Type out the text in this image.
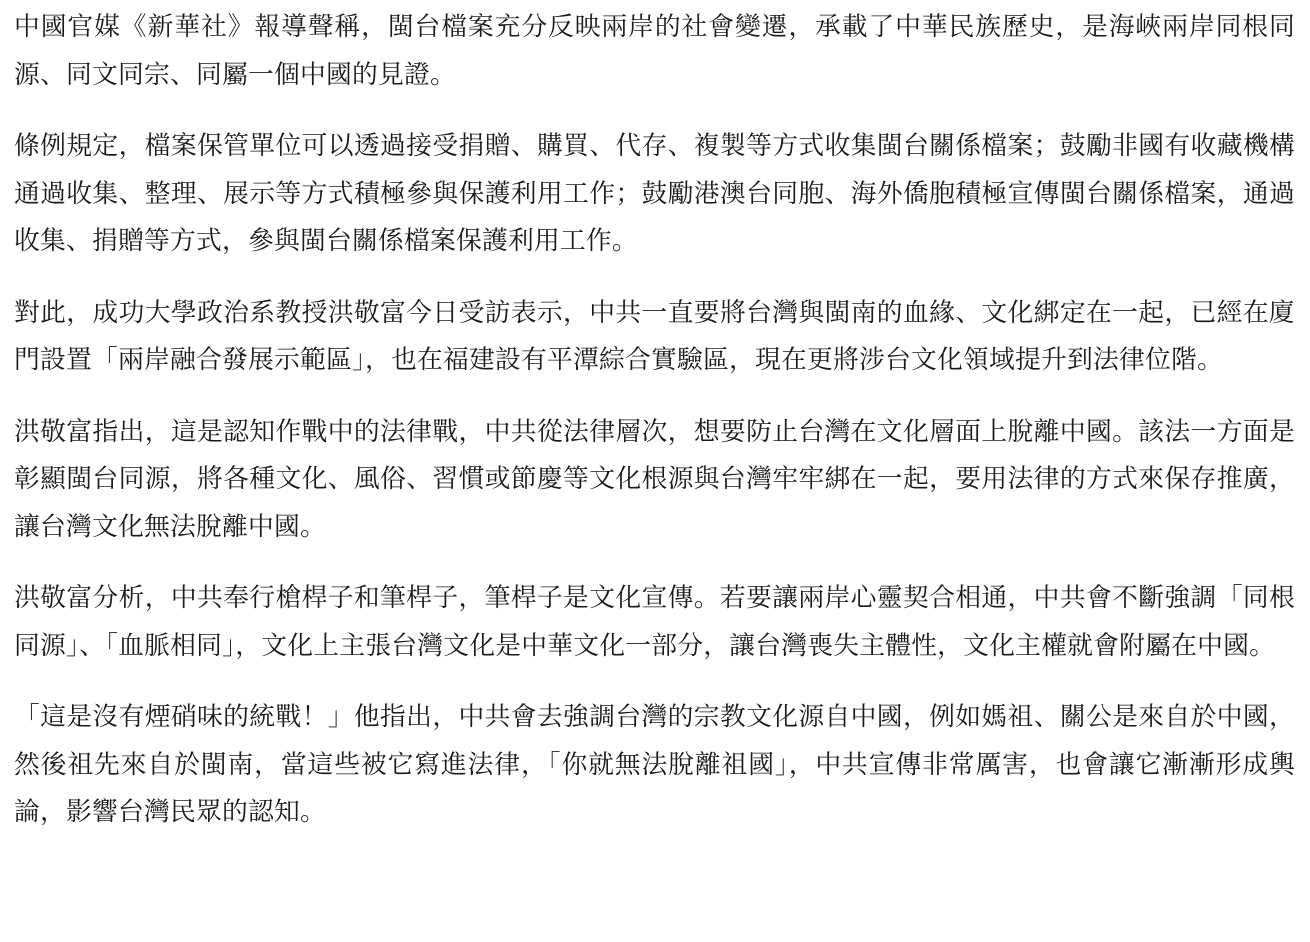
中國官媒《新華社》報導聲稱，閩台檔案充分反映兩岸的社會變遷，承載了中華民族歷史，是海峽兩岸同根同源、同文同宗、同屬一個中國的見證。

條例規定，檔案保管單位可以透過接受捐贈、購買、代存、複製等方式收集閩台關係檔案；鼓勵非國有收藏機構通過收集、整理、展示等方式積極參與保護利用工作；鼓勵港澳台同胞、海外僑胞積極宣傳閩台關係檔案，通過收集、捐贈等方式，參與閩台關係檔案保護利用工作。

對此，成功大學政治系教授洪敬富今日受訪表示，中共一直要將台灣與閩南的血緣、文化綁定在一起，已經在廈門設置「兩岸融合發展示範區」，也在福建設有平潭綜合實驗區，現在更將涉台文化領域提升到法律位階。

洪敬富指出，這是認知作戰中的法律戰，中共從法律層次，想要防止台灣在文化層面上脫離中國。該法一方面是彰顯閩台同源，將各種文化、風俗、習慣或節慶等文化根源與台灣牢牢綁在一起，要用法律的方式來保存推廣，讓台灣文化無法脫離中國。

洪敬富分析，中共奉行槍桿子和筆桿子，筆桿子是文化宣傳。若要讓兩岸心靈契合相通，中共會不斷強調「同根同源」、「血脈相同」，文化上主張台灣文化是中華文化一部分，讓台灣喪失主體性，文化主權就會附屬在中國。

「這是沒有煙硝味的統戰！」他指出，中共會去強調台灣的宗教文化源自中國，例如媽祖、關公是來自於中國，然後祖先來自於閩南，當這些被它寫進法律，「你就無法脫離祖國」，中共宣傳非常厲害，也會讓它漸漸形成輿論，影響台灣民眾的認知。
